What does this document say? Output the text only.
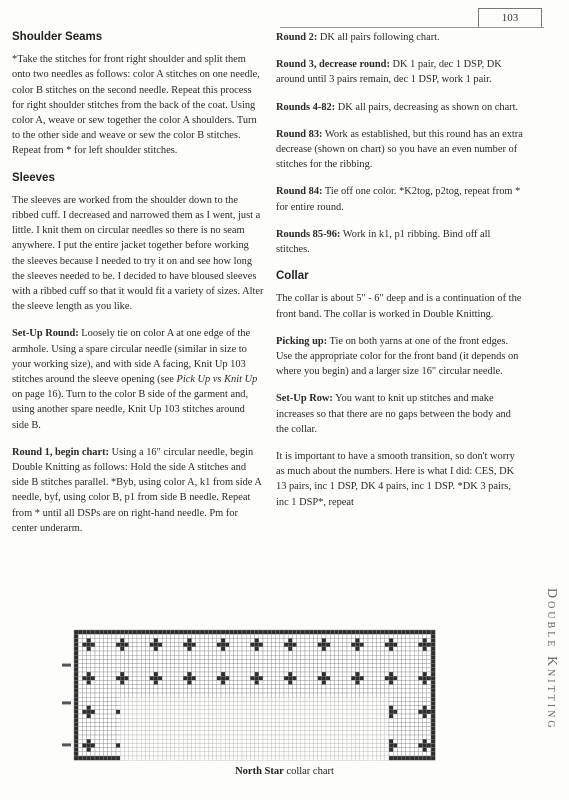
103
Shoulder Seams

*Take the stitches for front right shoulder and split them onto two needles as follows: color A stitches on one needle, color B stitches on the second needle. Repeat this process for right shoulder stitches from the back of the coat. Using color A, weave or sew together the color A shoulders. Turn to the other side and weave or sew the color B stitches. Repeat from * for left shoulder stitches.

Sleeves

The sleeves are worked from the shoulder down to the ribbed cuff. I decreased and narrowed them as I went, just a little. I knit them on circular needles so there is no seam anywhere. I put the entire jacket together before working the sleeves because I needed to try it on and see how long the sleeves needed to be. I decided to have bloused sleeves with a ribbed cuff so that it would fit a variety of sizes. Alter the sleeve length as you like.

Set-Up Round: Loosely tie on color A at one edge of the armhole. Using a spare circular needle (similar in size to your working size), and with side A facing, Knit Up 103 stitches around the sleeve opening (see Pick Up vs Knit Up on page 16). Turn to the color B side of the garment and, using another spare needle, Knit Up 103 stitches around side B.

Round 1, begin chart: Using a 16" circular needle, begin Double Knitting as follows: Hold the side A stitches and side B stitches parallel. *Byb, using color A, k1 from side A needle, byf, using color B, p1 from side B needle. Repeat from * until all DSPs are on right-hand needle. Pm for center underarm.

Round 2: DK all pairs following chart.

Round 3, decrease round: DK 1 pair, dec 1 DSP, DK around until 3 pairs remain, dec 1 DSP, work 1 pair.

Rounds 4-82: DK all pairs, decreasing as shown on chart.

Round 83: Work as established, but this round has an extra decrease (shown on chart) so you have an even number of stitches for the ribbing.

Round 84: Tie off one color. *K2tog, p2tog, repeat from * for entire round.

Rounds 85-96: Work in k1, p1 ribbing. Bind off all stitches.

Collar

The collar is about 5" - 6" deep and is a continuation of the front band. The collar is worked in Double Knitting.

Picking up: Tie on both yarns at one of the front edges. Use the appropriate color for the front band (it depends on where you begin) and a larger size 16" circular needle.

Set-Up Row: You want to knit up stitches and make increases so that there are no gaps between the body and the collar.

It is important to have a smooth transition, so don't worry as much about the numbers. Here is what I did: CES, DK 13 pairs, inc 1 DSP, DK 4 pairs, inc 1 DSP. *DK 3 pairs, inc 1 DSP*, repeat

Double Knitting
North Star collar chart
